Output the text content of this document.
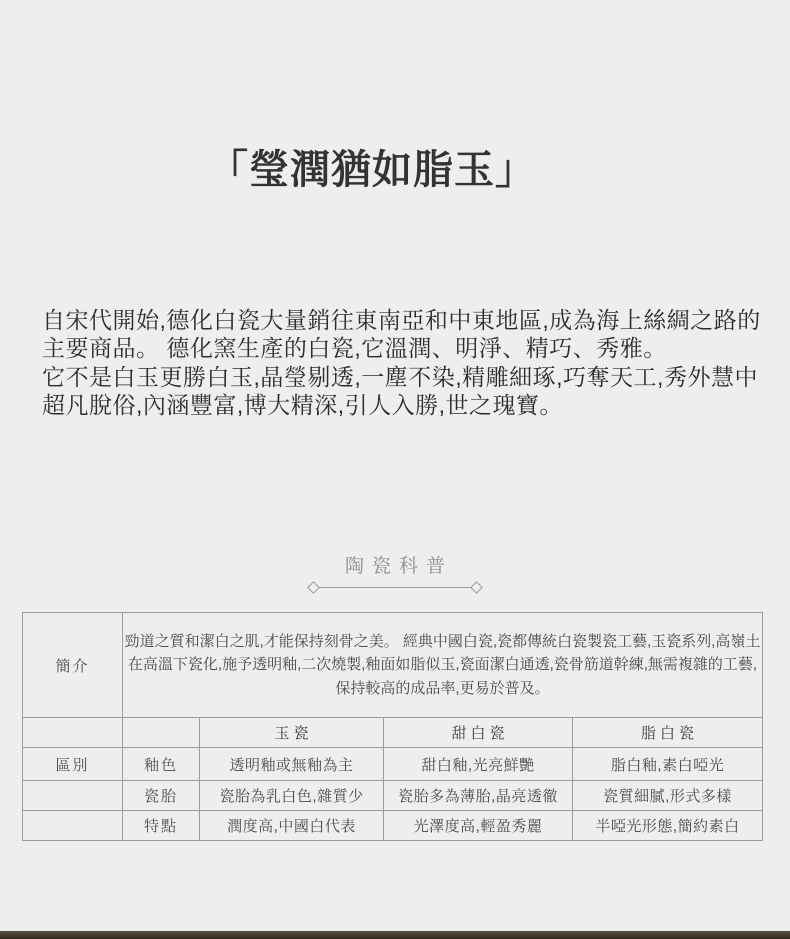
「瑩潤猶如脂玉」

自宋代開始,德化白瓷大量銷往東南亞和中東地區,成為海上絲綢之路的主要商品。 德化窯生產的白瓷,它溫潤、明淨、精巧、秀雅。

它不是白玉更勝白玉,晶瑩剔透,一塵不染,精雕細琢,巧奪天工,秀外慧中超凡脫俗,內涵豐富,博大精深,引人入勝,世之瑰寶。

陶瓷科普
簡介	勁道之質和潔白之肌,才能保持刻骨之美。 經典中國白瓷,瓷都傳統白瓷製瓷工藝,玉瓷系列,高嶺土在高溫下瓷化,施予透明釉,二次燒製,釉面如脂似玉,瓷面潔白通透,瓷骨筋道幹練,無需複雜的工藝,保持較高的成品率,更易於普及。			
		玉瓷	甜白瓷	脂白瓷
區別	釉色	透明釉或無釉為主	甜白釉,光亮鮮艷	脂白釉,素白啞光
	瓷胎	瓷胎為乳白色,雜質少	瓷胎多為薄胎,晶亮透徹	瓷質細膩,形式多樣
	特點	潤度高,中國白代表	光澤度高,輕盈秀麗	半啞光形態,簡約素白
